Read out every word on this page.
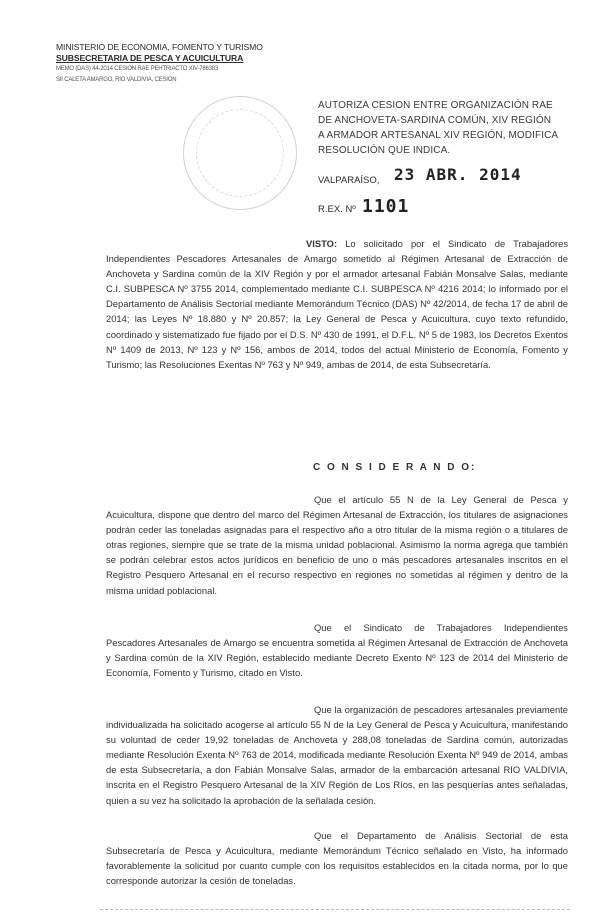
MINISTERIO DE ECONOMIA, FOMENTO Y TURISMO
SUBSECRETARIA DE PESCA Y ACUICULTURA
MEMO (DAS) 44-2014 CESION RAE PEHTRIACTO XIV-786383
SII CALETA AMARGO, RIO VALDIVIA, CESION
AUTORIZA CESION ENTRE ORGANIZACIÓN RAE DE ANCHOVETA-SARDINA COMÚN, XIV REGIÓN A ARMADOR ARTESANAL XIV REGIÓN, MODIFICA RESOLUCIÓN QUE INDICA.
VALPARAÍSO, 23 ABR. 2014
R.EX. Nº 1101
VISTO: Lo solicitado por el Sindicato de Trabajadores Independientes Pescadores Artesanales de Amargo sometido al Régimen Artesanal de Extracción de Anchoveta y Sardina común de la XIV Región y por el armador artesanal Fabián Monsalve Salas, mediante C.I. SUBPESCA Nº 3755 2014, complementado mediante C.I. SUBPESCA Nº 4216 2014; lo informado por el Departamento de Análisis Sectorial mediante Memorándum Técnico (DAS) Nº 42/2014, de fecha 17 de abril de 2014; las Leyes Nº 18.880 y Nº 20.857; la Ley General de Pesca y Acuicultura, cuyo texto refundido, coordinado y sistematizado fue fijado por el D.S. Nº 430 de 1991, el D.F.L. Nº 5 de 1983, los Decretos Exentos Nº 1409 de 2013, Nº 123 y Nº 156, ambos de 2014, todos del actual Ministerio de Economía, Fomento y Turismo; las Resoluciones Exentas Nº 763 y Nº 949, ambas de 2014, de esta Subsecretaría.
C O N S I D E R A N D O:
Que el artículo 55 N de la Ley General de Pesca y Acuicultura, dispone que dentro del marco del Régimen Artesanal de Extracción, los titulares de asignaciones podrán ceder las toneladas asignadas para el respectivo año a otro titular de la misma región o a titulares de otras regiones, siempre que se trate de la misma unidad poblacional. Asimismo la norma agrega que también se podrán celebrar estos actos jurídicos en beneficio de uno o más pescadores artesanales inscritos en el Registro Pesquero Artesanal en el recurso respectivo en regiones no sometidas al régimen y dentro de la misma unidad poblacional.
Que el Sindicato de Trabajadores Independientes Pescadores Artesanales de Amargo se encuentra sometida al Régimen Artesanal de Extracción de Anchoveta y Sardina común de la XIV Región, establecido mediante Decreto Exento Nº 123 de 2014 del Ministerio de Economía, Fomento y Turismo, citado en Visto.
Que la organización de pescadores artesanales previamente individualizada ha solicitado acogerse al artículo 55 N de la Ley General de Pesca y Acuicultura, manifestando su voluntad de ceder 19,92 toneladas de Anchoveta y 288,08 toneladas de Sardina común, autorizadas mediante Resolución Exenta Nº 763 de 2014, modificada mediante Resolución Exenta Nº 949 de 2014, ambas de esta Subsecretaría, a don Fabián Monsalve Salas, armador de la embarcación artesanal RIO VALDIVIA, inscrita en el Registro Pesquero Artesanal de la XIV Región de Los Ríos, en las pesquerías antes señaladas, quien a su vez ha solicitado la aprobación de la señalada cesión.
Que el Departamento de Análisis Sectorial de esta Subsecretaría de Pesca y Acuicultura, mediante Memorándum Técnico señalado en Visto, ha informado favorablemente la solicitud por cuanto cumple con los requisitos establecidos en la citada norma, por lo que corresponde autorizar la cesión de toneladas.
